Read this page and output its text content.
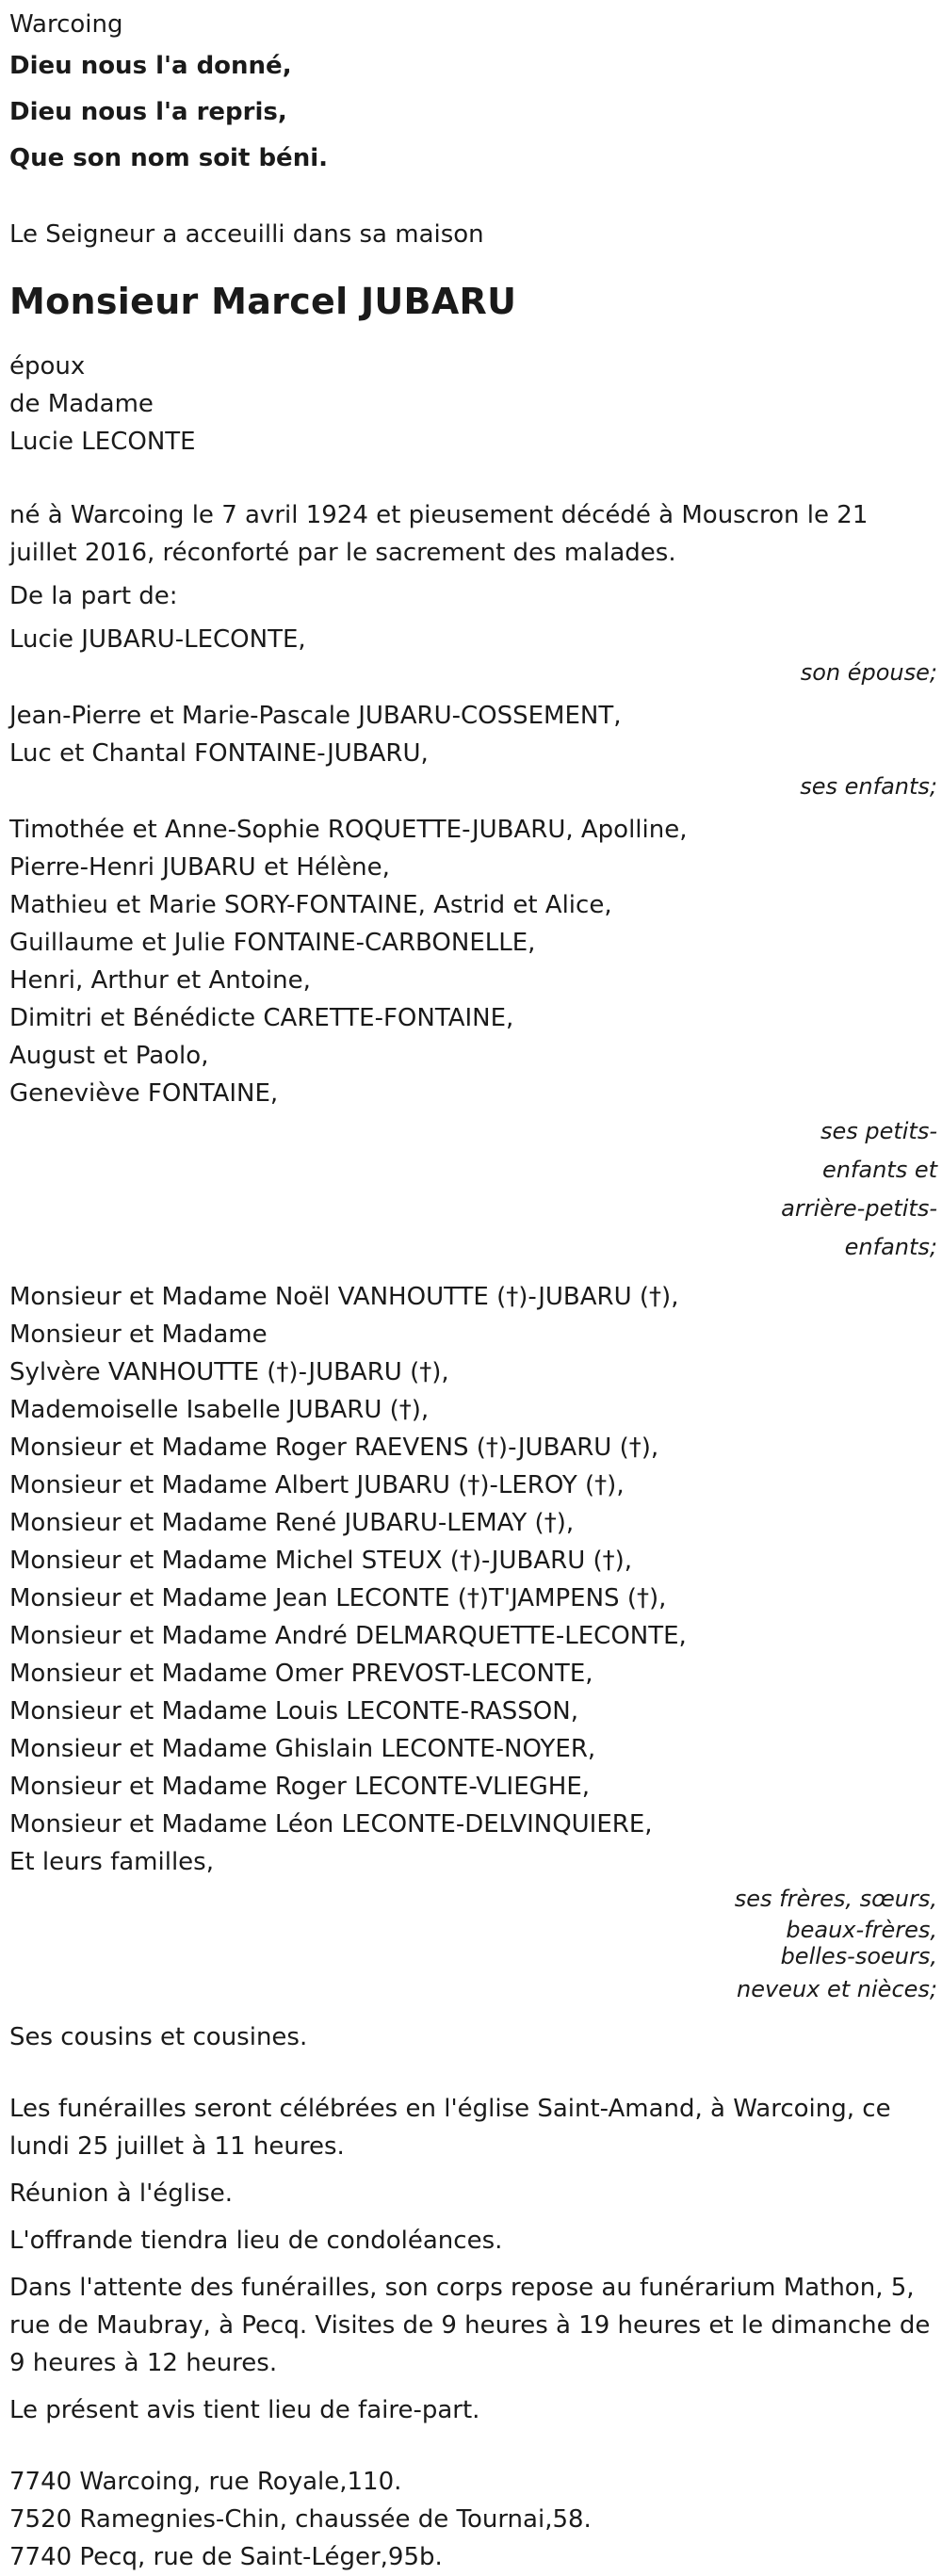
Warcoing
Dieu nous l'a donné,
Dieu nous l'a repris,
Que son nom soit béni.
Le Seigneur a acceuilli dans sa maison
Monsieur Marcel JUBARU
époux
de Madame
Lucie LECONTE
né à Warcoing le 7 avril 1924 et pieusement décédé à Mouscron le 21 juillet 2016, réconforté par le sacrement des malades.
De la part de:
Lucie JUBARU-LECONTE,
son épouse;
Jean-Pierre et Marie-Pascale JUBARU-COSSEMENT,
Luc et Chantal FONTAINE-JUBARU,
ses enfants;
Timothée et Anne-Sophie ROQUETTE-JUBARU, Apolline,
Pierre-Henri JUBARU et Hélène,
Mathieu et Marie SORY-FONTAINE, Astrid et Alice,
Guillaume et Julie FONTAINE-CARBONELLE,
Henri, Arthur et Antoine,
Dimitri et Bénédicte CARETTE-FONTAINE,
August et Paolo,
Geneviève FONTAINE,
ses petits-enfants et arrière-petits-enfants;
Monsieur et Madame Noël VANHOUTTE (†)-JUBARU (†),
Monsieur et Madame
Sylvère VANHOUTTE (†)-JUBARU (†),
Mademoiselle Isabelle JUBARU (†),
Monsieur et Madame Roger RAEVENS (†)-JUBARU (†),
Monsieur et Madame Albert JUBARU (†)-LEROY (†),
Monsieur et Madame René JUBARU-LEMAY (†),
Monsieur et Madame Michel STEUX (†)-JUBARU (†),
Monsieur et Madame Jean LECONTE (†)T'JAMPENS (†),
Monsieur et Madame André DELMARQUETTE-LECONTE,
Monsieur et Madame Omer PREVOST-LECONTE,
Monsieur et Madame Louis LECONTE-RASSON,
Monsieur et Madame Ghislain LECONTE-NOYER,
Monsieur et Madame Roger LECONTE-VLIEGHE,
Monsieur et Madame Léon LECONTE-DELVINQUIERE,
Et leurs familles,
ses frères, sœurs,
beaux-frères,
belles-soeurs,
neveux et nièces;
Ses cousins et cousines.
Les funérailles seront célébrées en l'église Saint-Amand, à Warcoing, ce lundi 25 juillet à 11 heures.
Réunion à l'église.
L'offrande tiendra lieu de condoléances.
Dans l'attente des funérailles, son corps repose au funérarium Mathon, 5, rue de Maubray, à Pecq. Visites de 9 heures à 19 heures et le dimanche de 9 heures à 12 heures.
Le présent avis tient lieu de faire-part.
7740 Warcoing, rue Royale,110.
7520 Ramegnies-Chin, chaussée de Tournai,58.
7740 Pecq, rue de Saint-Léger,95b.
